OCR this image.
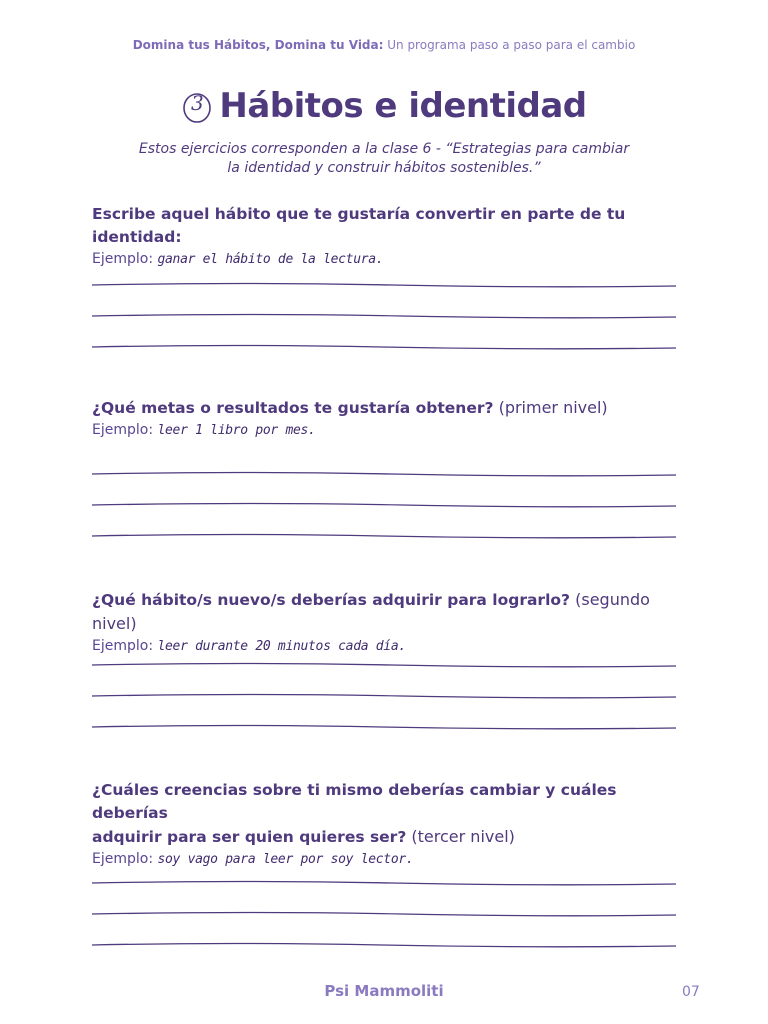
Domina tus Hábitos, Domina tu Vida: Un programa paso a paso para el cambio
3 Hábitos e identidad
Estos ejercicios corresponden a la clase 6 - “Estrategias para cambiar
la identidad y construir hábitos sostenibles.”
Escribe aquel hábito que te gustaría convertir en parte de tu identidad:
Ejemplo: ganar el hábito de la lectura.
¿Qué metas o resultados te gustaría obtener? (primer nivel)
Ejemplo: leer 1 libro por mes.
¿Qué hábito/s nuevo/s deberías adquirir para lograrlo? (segundo nivel)
Ejemplo: leer durante 20 minutos cada día.
¿Cuáles creencias sobre ti mismo deberías cambiar y cuáles deberías
adquirir para ser quien quieres ser? (tercer nivel)
Ejemplo: soy vago para leer por soy lector.
Psi Mammoliti	07
